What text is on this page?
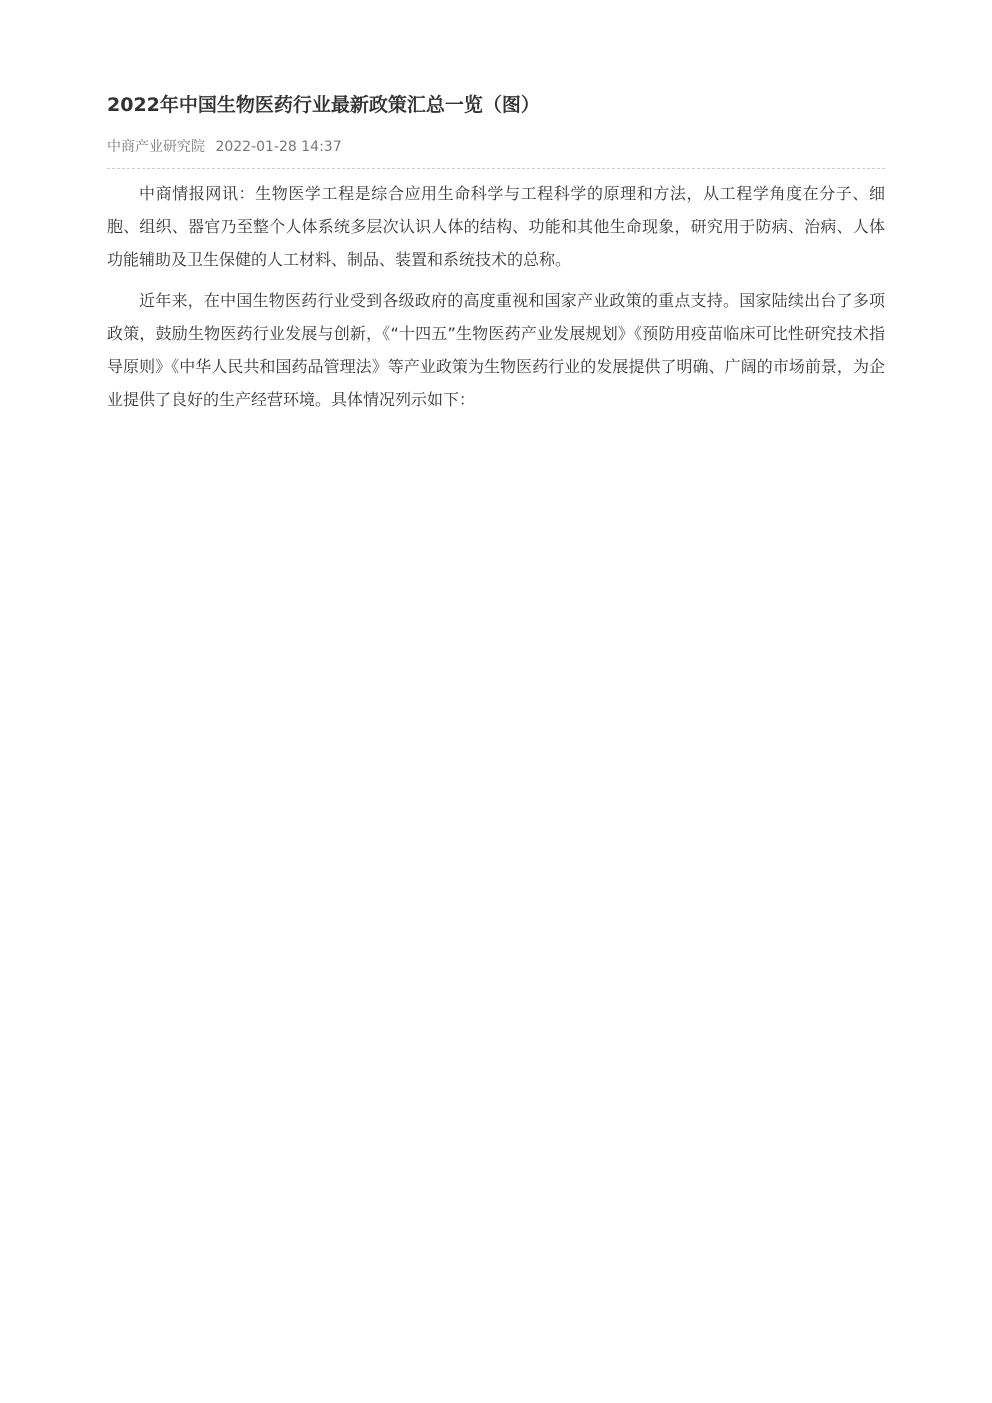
2022年中国生物医药行业最新政策汇总一览（图）
中商产业研究院 2022-01-28 14:37

中商情报网讯：生物医学工程是综合应用生命科学与工程科学的原理和方法，从工程学角度在分子、细胞、组织、器官乃至整个人体系统多层次认识人体的结构、功能和其他生命现象，研究用于防病、治病、人体功能辅助及卫生保健的人工材料、制品、装置和系统技术的总称。

近年来，在中国生物医药行业受到各级政府的高度重视和国家产业政策的重点支持。国家陆续出台了多项政策，鼓励生物医药行业发展与创新，《“十四五”生物医药产业发展规划》《预防用疫苗临床可比性研究技术指导原则》《中华人民共和国药品管理法》等产业政策为生物医药行业的发展提供了明确、广阔的市场前景，为企业提供了良好的生产经营环境。具体情况列示如下：
